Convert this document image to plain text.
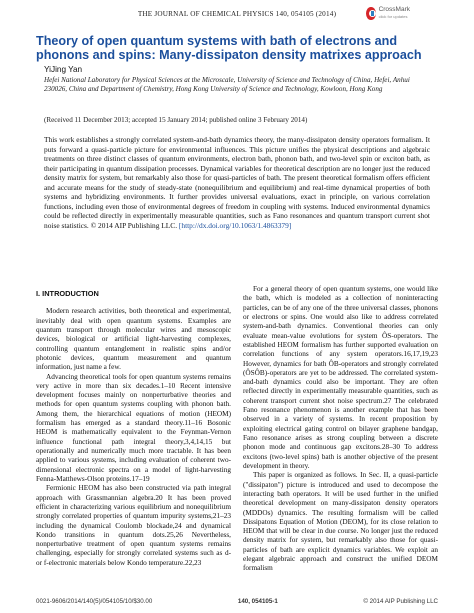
THE JOURNAL OF CHEMICAL PHYSICS 140, 054105 (2014)
CrossMark
click for updates
Theory of open quantum systems with bath of electrons and phonons and spins: Many-dissipaton density matrixes approach
YiJing Yan
Hefei National Laboratory for Physical Sciences at the Microscale, University of Science and Technology of China, Hefei, Anhui 230026, China and Department of Chemistry, Hong Kong University of Science and Technology, Kowloon, Hong Kong
(Received 11 December 2013; accepted 15 January 2014; published online 3 February 2014)

This work establishes a strongly correlated system-and-bath dynamics theory, the many-dissipaton density operators formalism. It puts forward a quasi-particle picture for environmental influences. This picture unifies the physical descriptions and algebraic treatments on three distinct classes of quantum environments, electron bath, phonon bath, and two-level spin or exciton bath, as their participating in quantum dissipation processes. Dynamical variables for theoretical description are no longer just the reduced density matrix for system, but remarkably also those for quasi-particles of bath. The present theoretical formalism offers efficient and accurate means for the study of steady-state (nonequilibrium and equilibrium) and real-time dynamical properties of both systems and hybridizing environments. It further provides universal evaluations, exact in principle, on various correlation functions, including even those of environmental degrees of freedom in coupling with systems. Induced environmental dynamics could be reflected directly in experimentally measurable quantities, such as Fano resonances and quantum transport current shot noise statistics. © 2014 AIP Publishing LLC. [http://dx.doi.org/10.1063/1.4863379]

I. INTRODUCTION

Modern research activities, both theoretical and experimental, inevitably deal with open quantum systems. Examples are quantum transport through molecular wires and mesoscopic devices, biological or artificial light-harvesting complexes, controlling quantum entanglement in realistic spins and/or photonic devices, quantum measurement and quantum information, just name a few.

Advancing theoretical tools for open quantum systems remains very active in more than six decades.1–10 Recent intensive development focuses mainly on nonperturbative theories and methods for open quantum systems coupling with phonon bath. Among them, the hierarchical equations of motion (HEOM) formalism has emerged as a standard theory.11–16 Bosonic HEOM is mathematically equivalent to the Feynman-Vernon influence functional path integral theory,3,4,14,15 but operationally and numerically much more tractable. It has been applied to various systems, including evaluation of coherent two-dimensional electronic spectra on a model of light-harvesting Fenna-Matthews-Olson proteins.17–19

Fermionic HEOM has also been constructed via path integral approach with Grassmannian algebra.20 It has been proved efficient in characterizing various equilibrium and nonequilibrium strongly correlated properties of quantum impurity systems,21–23 including the dynamical Coulomb blockade,24 and dynamical Kondo transitions in quantum dots.25,26 Nevertheless, nonperturbative treatment of open quantum systems remains challenging, especially for strongly correlated systems such as d- or f-electronic materials below Kondo temperature.22,23

For a general theory of open quantum systems, one would like the bath, which is modeled as a collection of noninteracting particles, can be of any one of the three universal classes, phonons or electrons or spins. One would also like to address correlated system-and-bath dynamics. Conventional theories can only evaluate mean-value evolutions for system ÔS-operators. The established HEOM formalism has further supported evaluation on correlation functions of any system operators.16,17,19,23 However, dynamics for bath ÔB-operators and strongly correlated (ÔSÔB)-operators are yet to be addressed. The correlated system-and-bath dynamics could also be important. They are often reflected directly in experimentally measurable quantities, such as coherent transport current shot noise spectrum.27 The celebrated Fano resonance phenomenon is another example that has been observed in a variety of systems. In recent proposition by exploiting electrical gating control on bilayer graphene bandgap, Fano resonance arises as strong coupling between a discrete phonon mode and continuous gap excitons.28–30 To address excitons (two-level spins) bath is another objective of the present development in theory.

This paper is organized as follows. In Sec. II, a quasi-particle ("dissipaton") picture is introduced and used to decompose the interacting bath operators. It will be used further in the unified theoretical development on many-dissipaton density operators (MDDOs) dynamics. The resulting formalism will be called Dissipatons Equation of Motion (DEOM), for its close relation to HEOM that will be clear in due course. No longer just the reduced density matrix for system, but remarkably also those for quasi-particles of bath are explicit dynamics variables. We exploit an elegant algebraic approach and construct the unified DEOM formalism

0021-9606/2014/140(5)/054105/10/$30.00	140, 054105-1	© 2014 AIP Publishing LLC
